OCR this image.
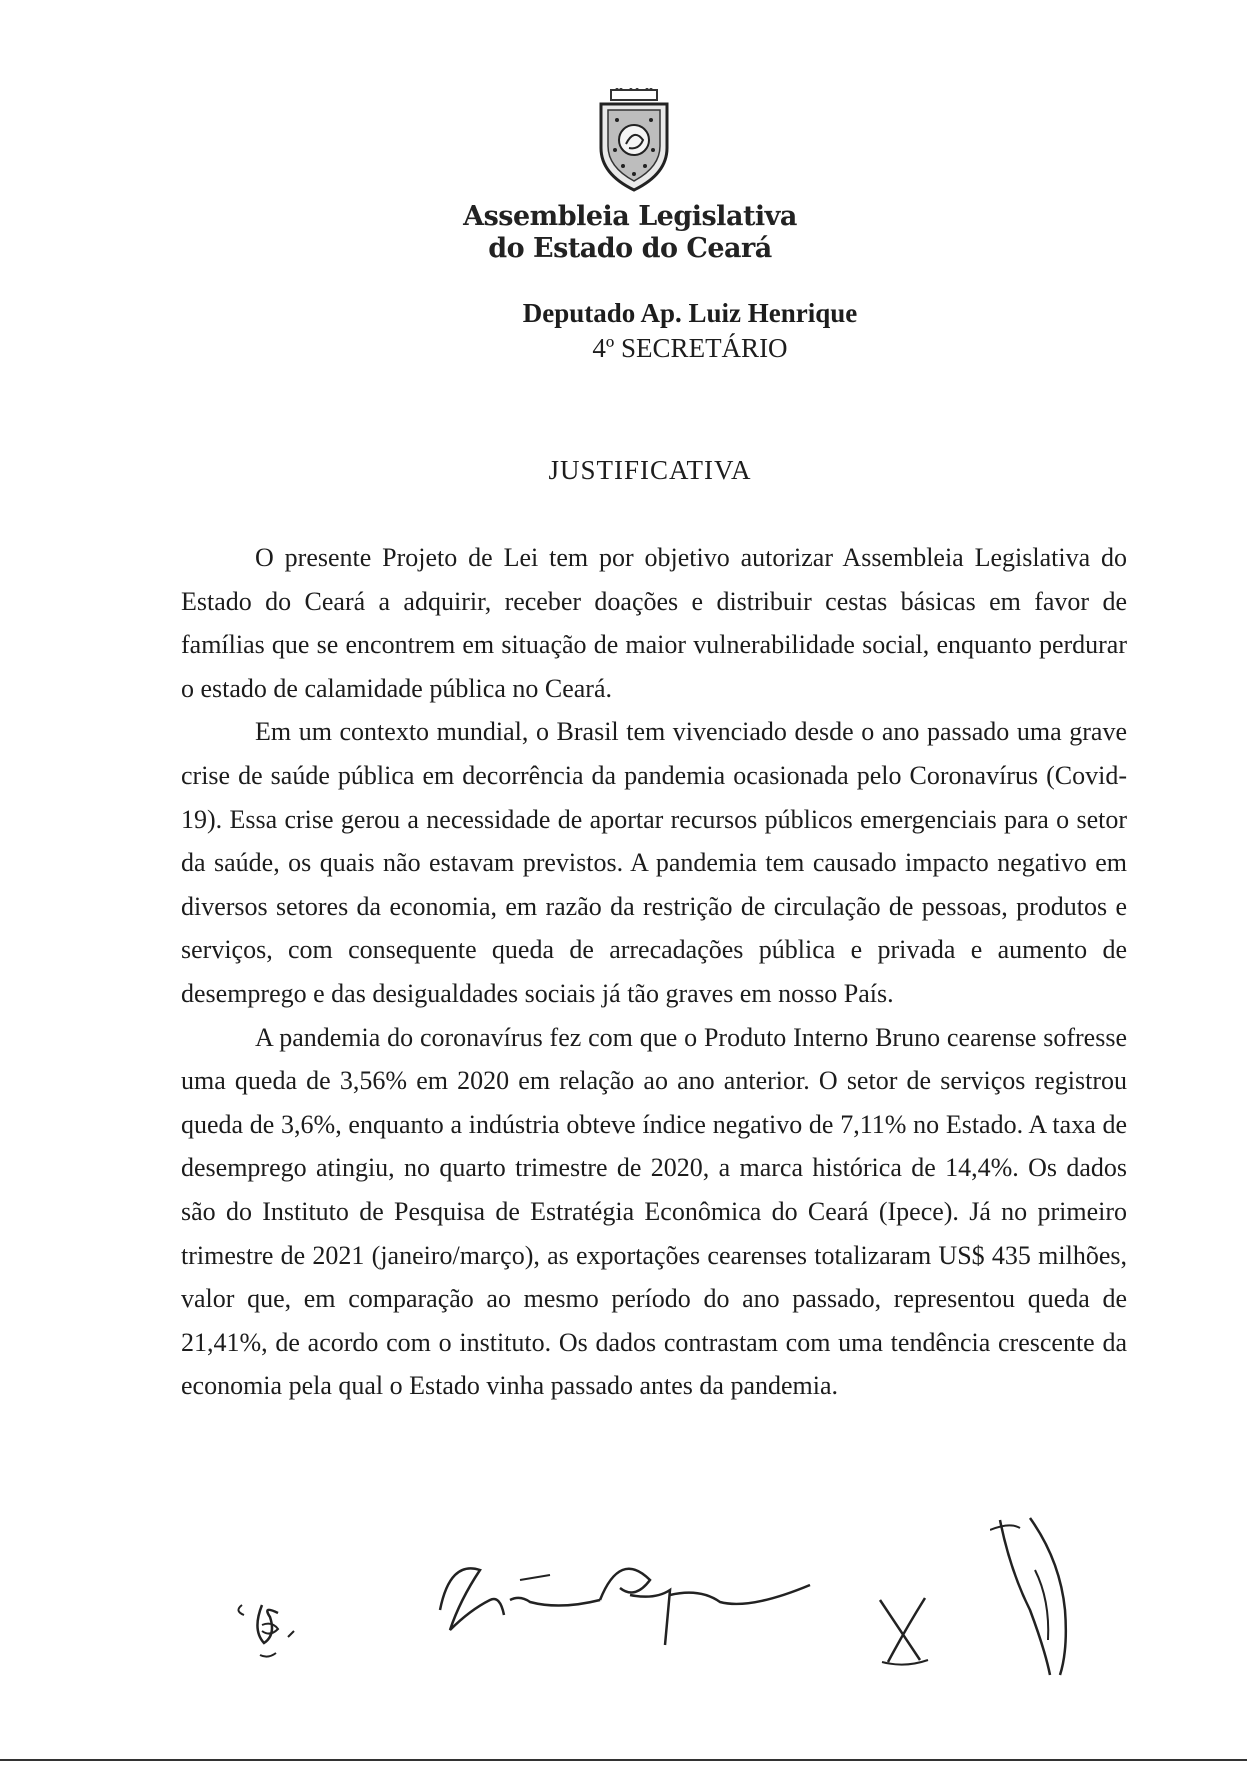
Assembleia Legislativa
do Estado do Ceará
Deputado Ap. Luiz Henrique
4º SECRETÁRIO
JUSTIFICATIVA

O presente Projeto de Lei tem por objetivo autorizar Assembleia Legislativa do Estado do Ceará a adquirir, receber doações e distribuir cestas básicas em favor de famílias que se encontrem em situação de maior vulnerabilidade social, enquanto perdurar o estado de calamidade pública no Ceará.

Em um contexto mundial, o Brasil tem vivenciado desde o ano passado uma grave crise de saúde pública em decorrência da pandemia ocasionada pelo Coronavírus (Covid-19). Essa crise gerou a necessidade de aportar recursos públicos emergenciais para o setor da saúde, os quais não estavam previstos. A pandemia tem causado impacto negativo em diversos setores da economia, em razão da restrição de circulação de pessoas, produtos e serviços, com consequente queda de arrecadações pública e privada e aumento de desemprego e das desigualdades sociais já tão graves em nosso País.

A pandemia do coronavírus fez com que o Produto Interno Bruno cearense sofresse uma queda de 3,56% em 2020 em relação ao ano anterior. O setor de serviços registrou queda de 3,6%, enquanto a indústria obteve índice negativo de 7,11% no Estado. A taxa de desemprego atingiu, no quarto trimestre de 2020, a marca histórica de 14,4%. Os dados são do Instituto de Pesquisa de Estratégia Econômica do Ceará (Ipece). Já no primeiro trimestre de 2021 (janeiro/março), as exportações cearenses totalizaram US$ 435 milhões, valor que, em comparação ao mesmo período do ano passado, representou queda de 21,41%, de acordo com o instituto. Os dados contrastam com uma tendência crescente da economia pela qual o Estado vinha passado antes da pandemia.
